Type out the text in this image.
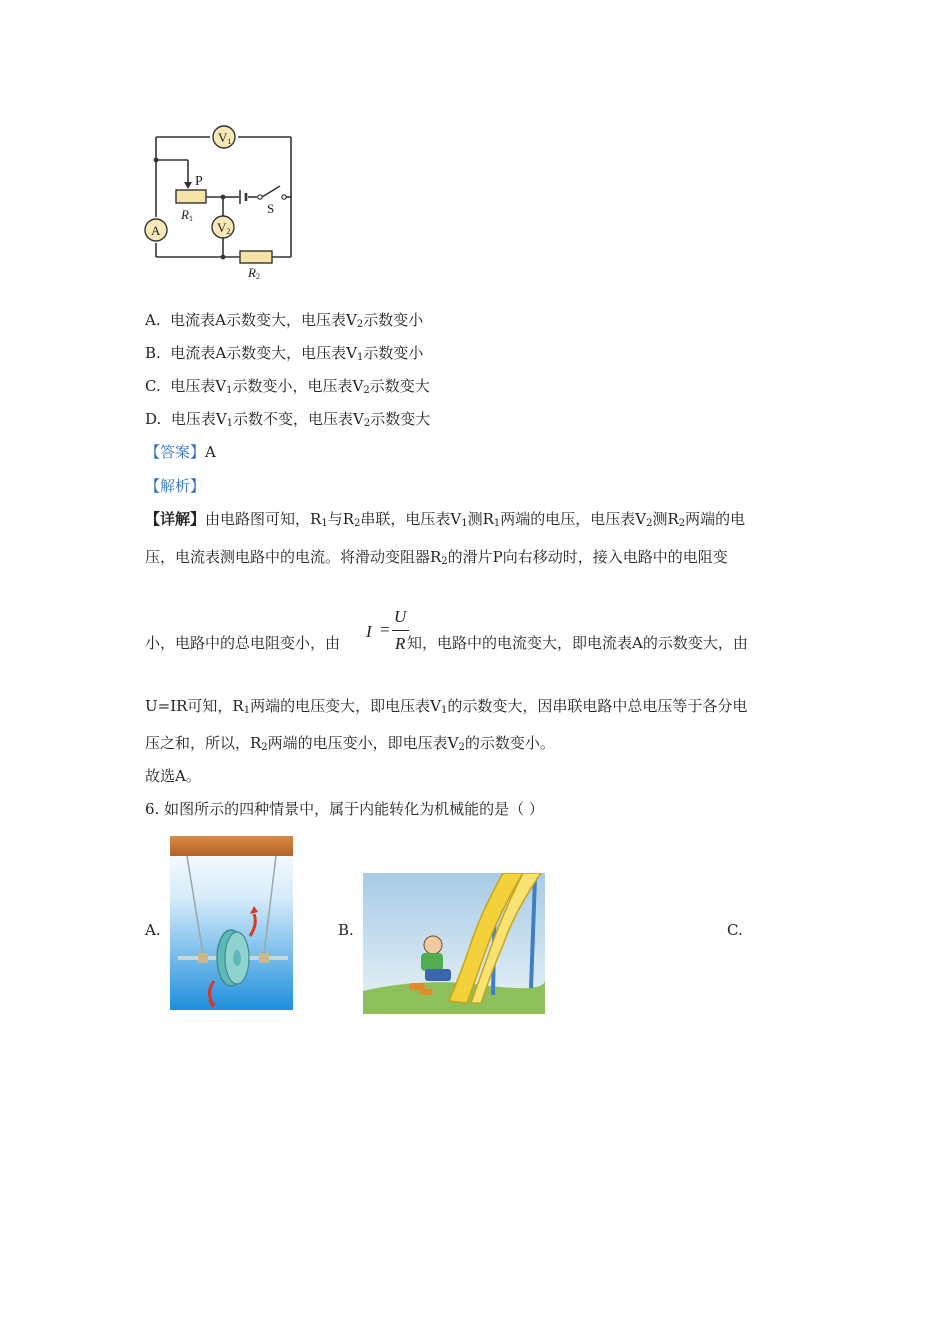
V1
P
R1
S
A	V2
R2
A. 电流表A示数变大，电压表$V_2$示数变小
B. 电流表A示数变大，电压表$V_1$示数变小
C. 电压表$V_1$示数变小，电压表$V_2$示数变大
D. 电压表$V_1$示数不变，电压表$V_2$示数变大
【答案】A
【解析】
【详解】由电路图可知，$R_1$与$R_2$串联，电压表$V_1$测$R_1$两端的电压，电压表$V_2$测$R_2$两端的电
压，电流表测电路中的电流。将滑动变阻器$R_2$的滑片P向右移动时，接入电路中的电阻变
I =
U
R
小，电路中的总电阻变小，由	知，电路中的电流变大，即电流表A的示数变大，由
U=IR可知，$R_1$两端的电压变大，即电压表$V_1$的示数变大，因串联电路中总电压等于各分电
压之和，所以，$R_2$两端的电压变小，即电压表$V_2$的示数变小。
故选A。
6. 如图所示的四种情景中，属于内能转化为机械能的是（ ）
A.	B.	C.
